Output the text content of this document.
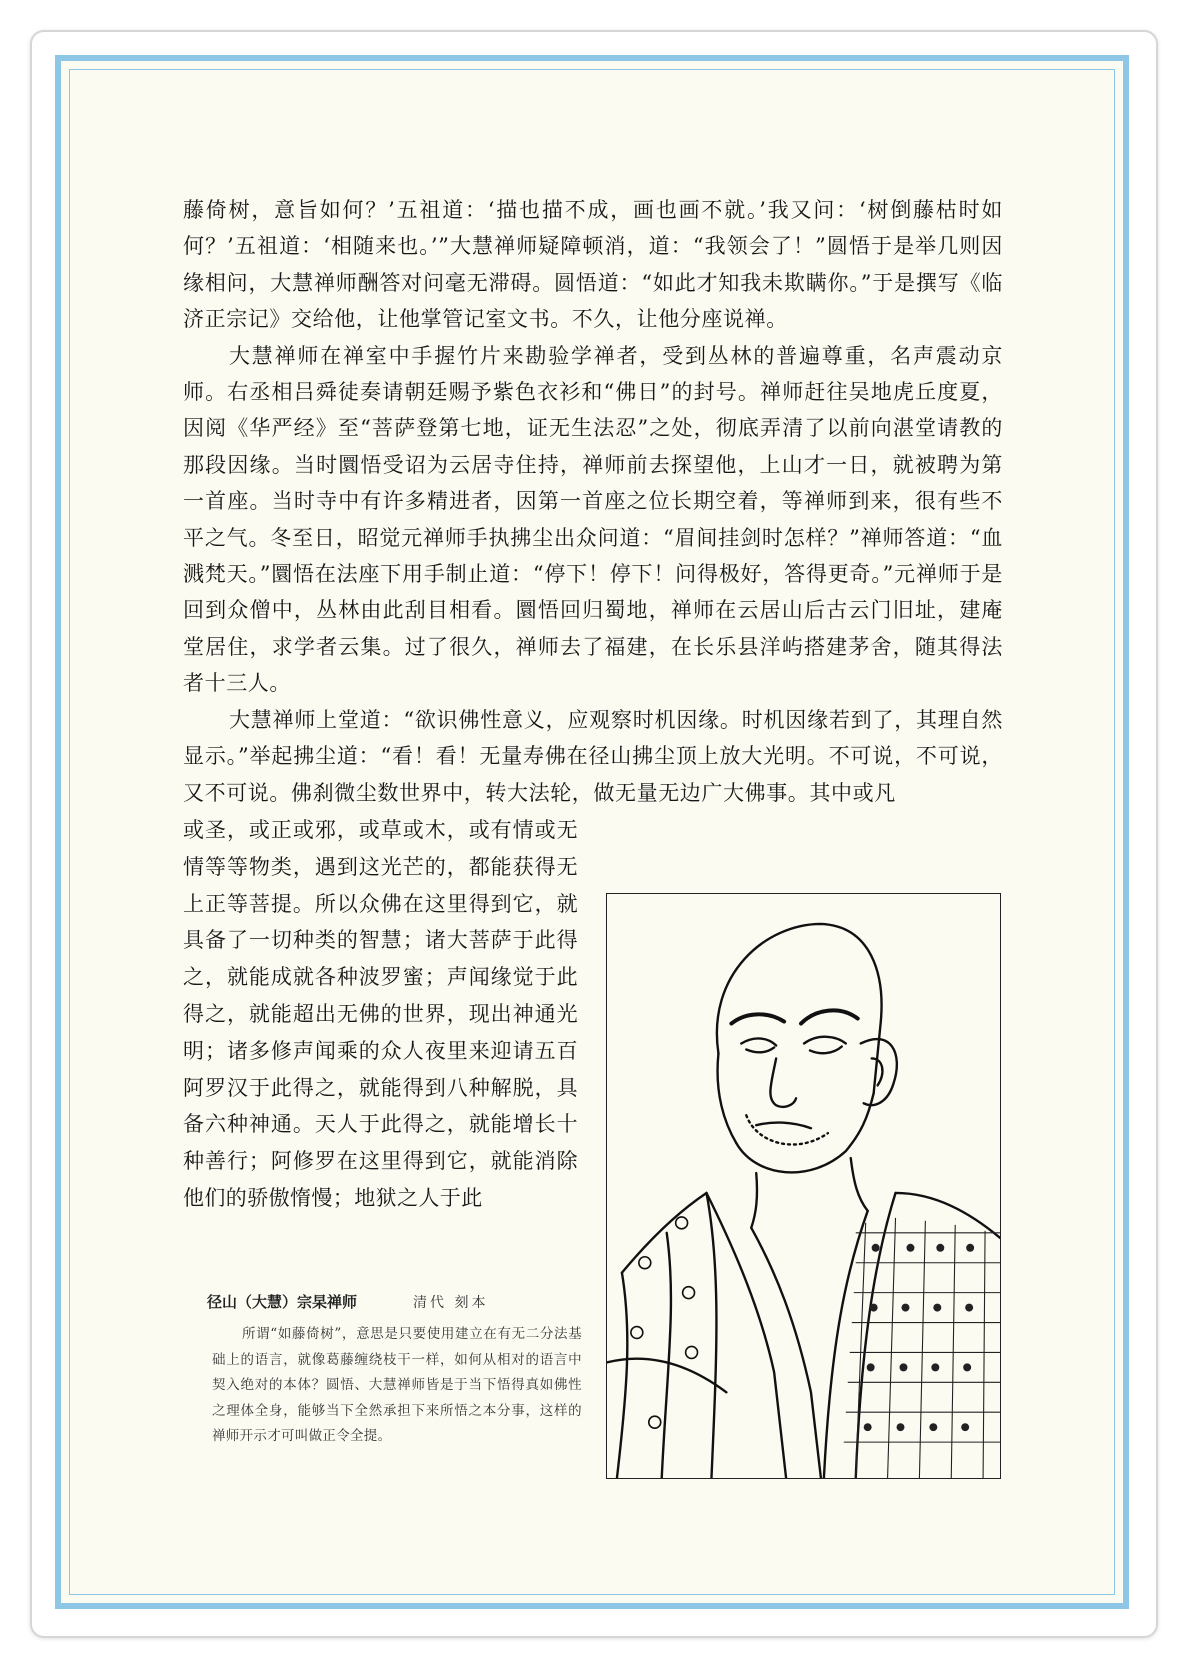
藤倚树，意旨如何？’五祖道：‘描也描不成，画也画不就。’我又问：‘树倒藤枯时如何？’五祖道：‘相随来也。’”大慧禅师疑障顿消，道：“我领会了！”圆悟于是举几则因缘相问，大慧禅师酬答对问毫无滞碍。圆悟道：“如此才知我未欺瞒你。”于是撰写《临济正宗记》交给他，让他掌管记室文书。不久，让他分座说禅。

大慧禅师在禅室中手握竹片来勘验学禅者，受到丛林的普遍尊重，名声震动京师。右丞相吕舜徒奏请朝廷赐予紫色衣衫和“佛日”的封号。禅师赶往吴地虎丘度夏，因阅《华严经》至“菩萨登第七地，证无生法忍”之处，彻底弄清了以前向湛堂请教的那段因缘。当时圜悟受诏为云居寺住持，禅师前去探望他，上山才一日，就被聘为第一首座。当时寺中有许多精进者，因第一首座之位长期空着，等禅师到来，很有些不平之气。冬至日，昭觉元禅师手执拂尘出众问道：“眉间挂剑时怎样？”禅师答道：“血溅梵天。”圜悟在法座下用手制止道：“停下！停下！问得极好，答得更奇。”元禅师于是回到众僧中，丛林由此刮目相看。圜悟回归蜀地，禅师在云居山后古云门旧址，建庵堂居住，求学者云集。过了很久，禅师去了福建，在长乐县洋屿搭建茅舍，随其得法者十三人。

大慧禅师上堂道：“欲识佛性意义，应观察时机因缘。时机因缘若到了，其理自然显示。”举起拂尘道：“看！看！无量寿佛在径山拂尘顶上放大光明。不可说，不可说，又不可说。佛刹微尘数世界中，转大法轮，做无量无边广大佛事。其中或凡

或圣，或正或邪，或草或木，或有情或无情等等物类，遇到这光芒的，都能获得无上正等菩提。所以众佛在这里得到它，就具备了一切种类的智慧；诸大菩萨于此得之，就能成就各种波罗蜜；声闻缘觉于此得之，就能超出无佛的世界，现出神通光明；诸多修声闻乘的众人夜里来迎请五百阿罗汉于此得之，就能得到八种解脱，具备六种神通。天人于此得之，就能增长十种善行；阿修罗在这里得到它，就能消除他们的骄傲惰慢；地狱之人于此

径山（大慧）宗杲禅师	清代 刻本

所谓“如藤倚树”，意思是只要使用建立在有无二分法基础上的语言，就像葛藤缠绕枝干一样，如何从相对的语言中契入绝对的本体？圆悟、大慧禅师皆是于当下悟得真如佛性之理体全身，能够当下全然承担下来所悟之本分事，这样的禅师开示才可叫做正令全提。
